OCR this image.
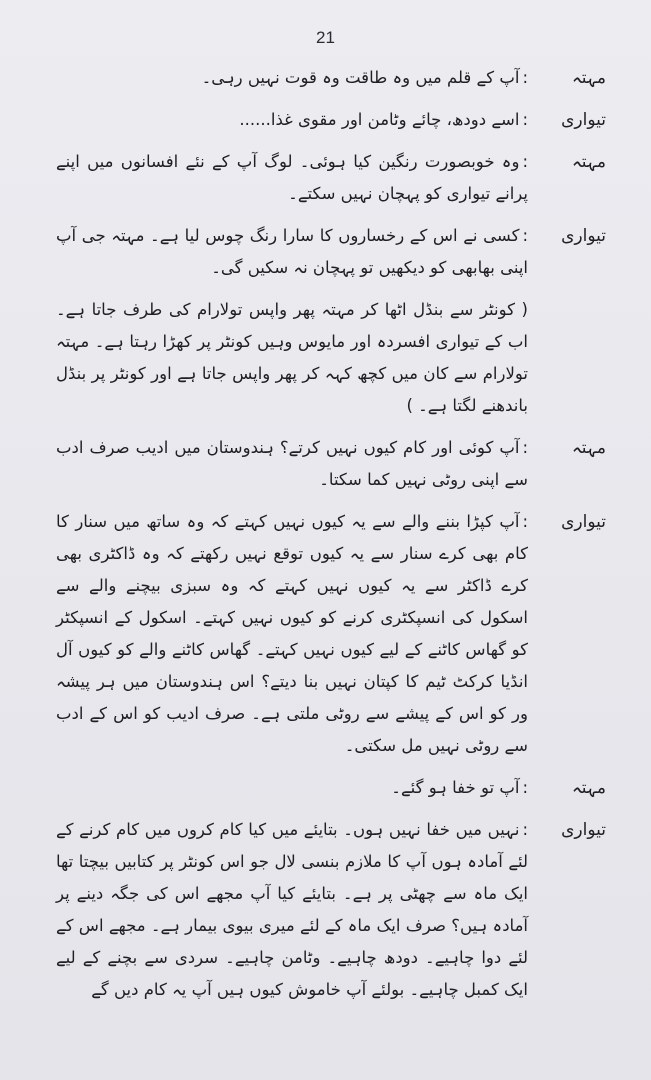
21
مہتہ
:آپ کے قلم میں وہ طاقت وہ قوت نہیں رہی۔
تیواری
:اسے دودھ، چائے وٹامن اور مقوی غذا......
مہتہ
:وہ خوبصورت رنگین کیا ہوئی۔ لوگ آپ کے نئے افسانوں میں اپنے پرانے تیواری کو پہچان نہیں سکتے۔
تیواری
:کسی نے اس کے رخساروں کا سارا رنگ چوس لیا ہے۔ مہتہ جی آپ اپنی بھابھی کو دیکھیں تو پہچان نہ سکیں گی۔
( کونٹر سے بنڈل اٹھا کر مہتہ پھر واپس تولارام کی طرف جاتا ہے۔ اب کے تیواری افسردہ اور مایوس وہیں کونٹر پر کھڑا رہتا ہے۔ مہتہ تولارام سے کان میں کچھ کہہ کر پھر واپس جاتا ہے اور کونٹر پر بنڈل باندھنے لگتا ہے۔ )
مہتہ
:آپ کوئی اور کام کیوں نہیں کرتے؟ ہندوستان میں ادیب صرف ادب سے اپنی روٹی نہیں کما سکتا۔
تیواری
:آپ کپڑا بننے والے سے یہ کیوں نہیں کہتے کہ وہ ساتھ میں سنار کا کام بھی کرے سنار سے یہ کیوں توقع نہیں رکھتے کہ وہ ڈاکٹری بھی کرے ڈاکٹر سے یہ کیوں نہیں کہتے کہ وہ سبزی بیچنے والے سے اسکول کی انسپکٹری کرنے کو کیوں نہیں کہتے۔ اسکول کے انسپکٹر کو گھاس کاٹنے کے لیے کیوں نہیں کہتے۔ گھاس کاٹنے والے کو کیوں آل انڈیا کرکٹ ٹیم کا کپتان نہیں بنا دیتے؟ اس ہندوستان میں ہر پیشہ ور کو اس کے پیشے سے روٹی ملتی ہے۔ صرف ادیب کو اس کے ادب سے روٹی نہیں مل سکتی۔
مہتہ
:آپ تو خفا ہو گئے۔
تیواری
:نہیں میں خفا نہیں ہوں۔ بتایئے میں کیا کام کروں میں کام کرنے کے لئے آمادہ ہوں آپ کا ملازم بنسی لال جو اس کونٹر پر کتابیں بیچتا تھا ایک ماہ سے چھٹی پر ہے۔ بتایئے کیا آپ مجھے اس کی جگہ دینے پر آمادہ ہیں؟ صرف ایک ماہ کے لئے میری بیوی بیمار ہے۔ مجھے اس کے لئے دوا چاہیے۔ دودھ چاہیے۔ وٹامن چاہیے۔ سردی سے بچنے کے لیے ایک کمبل چاہیے۔ بولئے آپ خاموش کیوں ہیں آپ یہ کام دیں گے
